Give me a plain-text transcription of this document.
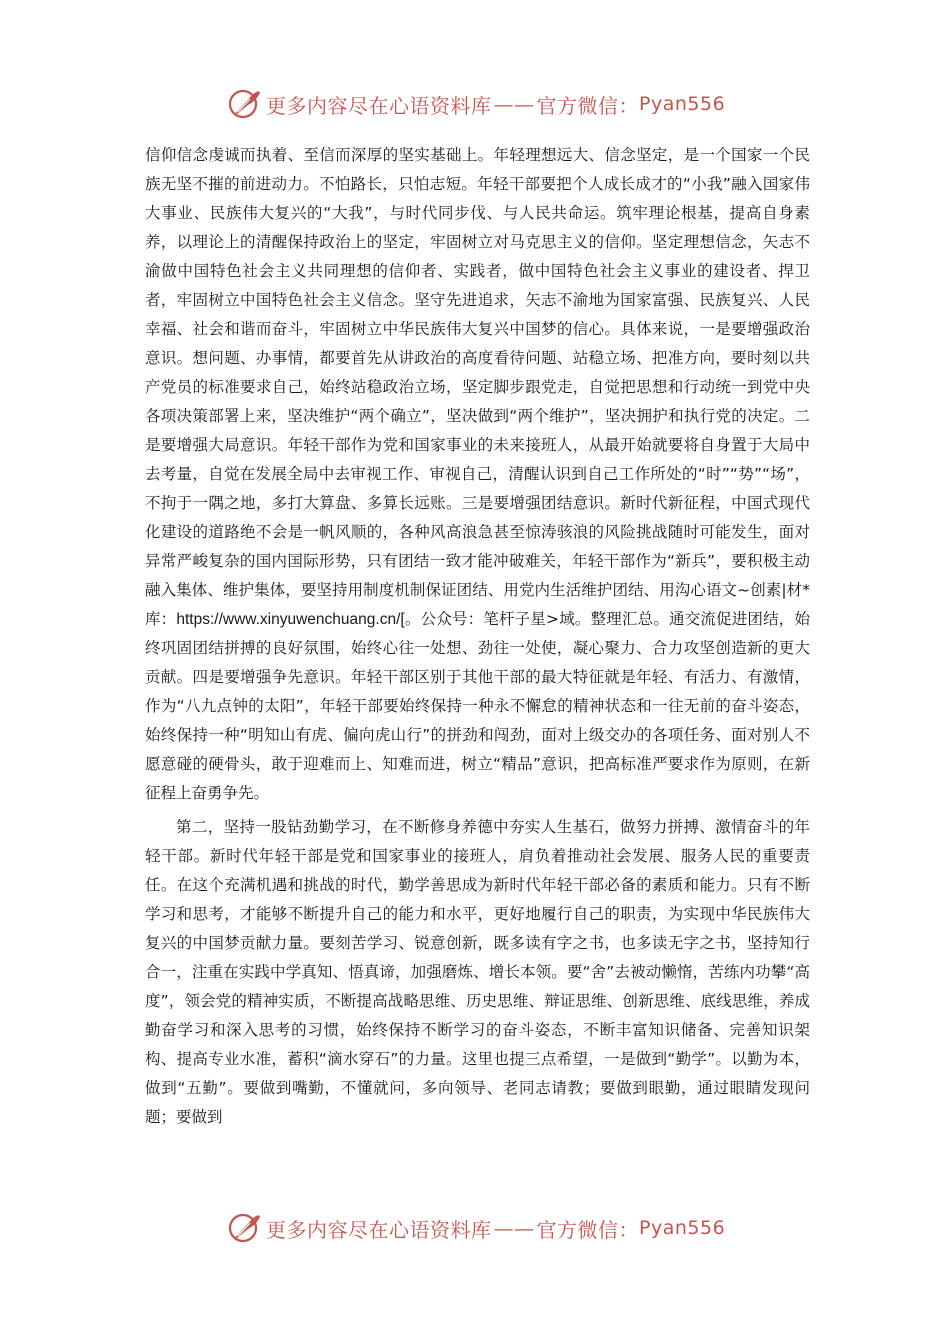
更多内容尽在心语资料库 —— 官方微信： Pyan556

信仰信念虔诚而执着、至信而深厚的坚实基础上。年轻理想远大、信念坚定，是一个国家一个民族无坚不摧的前进动力。不怕路长，只怕志短。年轻干部要把个人成长成才的“小我”融入国家伟大事业、民族伟大复兴的“大我”，与时代同步伐、与人民共命运。筑牢理论根基，提高自身素养，以理论上的清醒保持政治上的坚定，牢固树立对马克思主义的信仰。坚定理想信念，矢志不渝做中国特色社会主义共同理想的信仰者、实践者，做中国特色社会主义事业的建设者、捍卫者，牢固树立中国特色社会主义信念。坚守先进追求，矢志不渝地为国家富强、民族复兴、人民幸福、社会和谐而奋斗，牢固树立中华民族伟大复兴中国梦的信心。具体来说，一是要增强政治意识。想问题、办事情，都要首先从讲政治的高度看待问题、站稳立场、把准方向，要时刻以共产党员的标准要求自己，始终站稳政治立场，坚定脚步跟党走，自觉把思想和行动统一到党中央各项决策部署上来，坚决维护“两个确立”，坚决做到“两个维护”，坚决拥护和执行党的决定。二是要增强大局意识。年轻干部作为党和国家事业的未来接班人，从最开始就要将自身置于大局中去考量，自觉在发展全局中去审视工作、审视自己，清醒认识到自己工作所处的“时”“势”“场”，不拘于一隅之地，多打大算盘、多算长远账。三是要增强团结意识。新时代新征程，中国式现代化建设的道路绝不会是一帆风顺的，各种风高浪急甚至惊涛骇浪的风险挑战随时可能发生，面对异常严峻复杂的国内国际形势，只有团结一致才能冲破难关，年轻干部作为“新兵”，要积极主动融入集体、维护集体，要坚持用制度机制保证团结、用党内生活维护团结、用沟心语文~创素|材*库：https://www.xinyuwenchuang.cn/[。公众号：笔杆子星>域。整理汇总。通交流促进团结，始终巩固团结拼搏的良好氛围，始终心往一处想、劲往一处使，凝心聚力、合力攻坚创造新的更大贡献。四是要增强争先意识。年轻干部区别于其他干部的最大特征就是年轻、有活力、有激情，作为“八九点钟的太阳”，年轻干部要始终保持一种永不懈怠的精神状态和一往无前的奋斗姿态，始终保持一种“明知山有虎、偏向虎山行”的拼劲和闯劲，面对上级交办的各项任务、面对别人不愿意碰的硬骨头，敢于迎难而上、知难而进，树立“精品”意识，把高标准严要求作为原则，在新征程上奋勇争先。

第二，坚持一股钻劲勤学习，在不断修身养德中夯实人生基石，做努力拼搏、激情奋斗的年轻干部。新时代年轻干部是党和国家事业的接班人，肩负着推动社会发展、服务人民的重要责任。在这个充满机遇和挑战的时代，勤学善思成为新时代年轻干部必备的素质和能力。只有不断学习和思考，才能够不断提升自己的能力和水平，更好地履行自己的职责，为实现中华民族伟大复兴的中国梦贡献力量。要刻苦学习、锐意创新，既多读有字之书，也多读无字之书，坚持知行合一，注重在实践中学真知、悟真谛，加强磨炼、增长本领。要“舍”去被动懒惰，苦练内功攀“高度”，领会党的精神实质，不断提高战略思维、历史思维、辩证思维、创新思维、底线思维，养成勤奋学习和深入思考的习惯，始终保持不断学习的奋斗姿态，不断丰富知识储备、完善知识架构、提高专业水准，蓄积“滴水穿石”的力量。这里也提三点希望，一是做到“勤学”。以勤为本，做到“五勤”。要做到嘴勤，不懂就问，多向领导、老同志请教；要做到眼勤，通过眼睛发现问题；要做到

更多内容尽在心语资料库 —— 官方微信： Pyan556
